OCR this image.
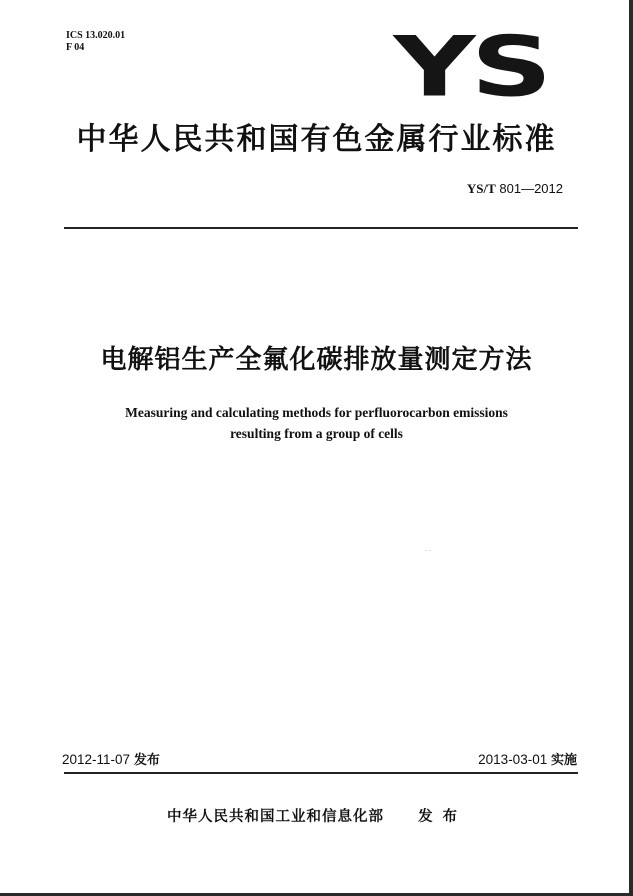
ICS 13.020.01
F 04	YS
中华人民共和国有色金属行业标准
YS/T 801—2012
电解铝生产全氟化碳排放量测定方法
Measuring and calculating methods for perfluorocarbon emissions
resulting from a group of cells
· ·
2012-11-07 发布	2013-03-01 实施
中华人民共和国工业和信息化部 发布
